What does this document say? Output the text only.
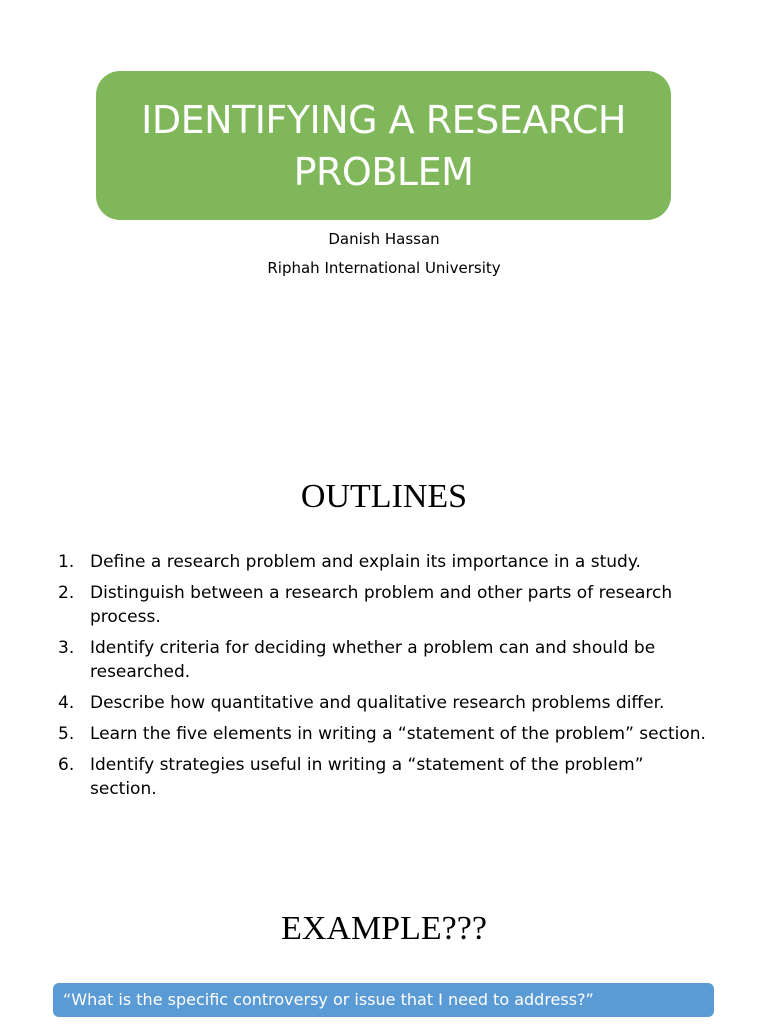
IDENTIFYING A RESEARCH
PROBLEM
Danish Hassan
Riphah International University
OUTLINES
1. Define a research problem and explain its importance in a study.
2. Distinguish between a research problem and other parts of research process.
3. Identify criteria for deciding whether a problem can and should be researched.
4. Describe how quantitative and qualitative research problems differ.
5. Learn the five elements in writing a “statement of the problem” section.
6. Identify strategies useful in writing a “statement of the problem” section.
EXAMPLE???
“What is the specific controversy or issue that I need to address?”
